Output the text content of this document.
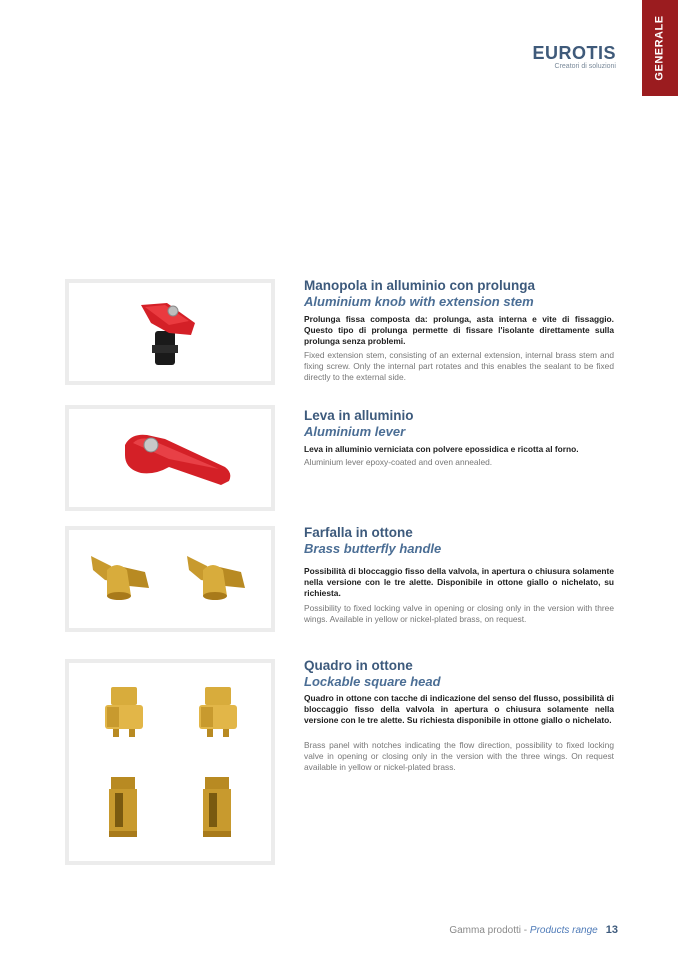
GENERALE
EUROTIS
Creatori di soluzioni
Manopola in alluminio con prolunga
Aluminium knob with extension stem

Prolunga fissa composta da: prolunga, asta interna e vite di fissaggio. Questo tipo di prolunga permette di fissare l'isolante direttamente sulla prolunga senza problemi.

Fixed extension stem, consisting of an external extension, internal brass stem and fixing screw. Only the internal part rotates and this enables the sealant to be fixed directly to the external side.

Leva in alluminio
Aluminium lever

Leva in alluminio verniciata con polvere epossidica e ricotta al forno.

Aluminium lever epoxy-coated and oven annealed.

Farfalla in ottone
Brass butterfly handle

Possibilità di bloccaggio fisso della valvola, in apertura o chiusura solamente nella versione con le tre alette. Disponibile in ottone giallo o nichelato, su richiesta.

Possibility to fixed locking valve in opening or closing only in the version with three wings. Available in yellow or nickel-plated brass, on request.

Quadro in ottone
Lockable square head

Quadro in ottone con tacche di indicazione del senso del flusso, possibilità di bloccaggio fisso della valvola in apertura o chiusura solamente nella versione con le tre alette. Su richiesta disponibile in ottone giallo o nichelato.

Brass panel with notches indicating the flow direction, possibility to fixed locking valve in opening or closing only in the version with the three wings. On request available in yellow or nickel-plated brass.

Gamma prodotti - Products range 13
